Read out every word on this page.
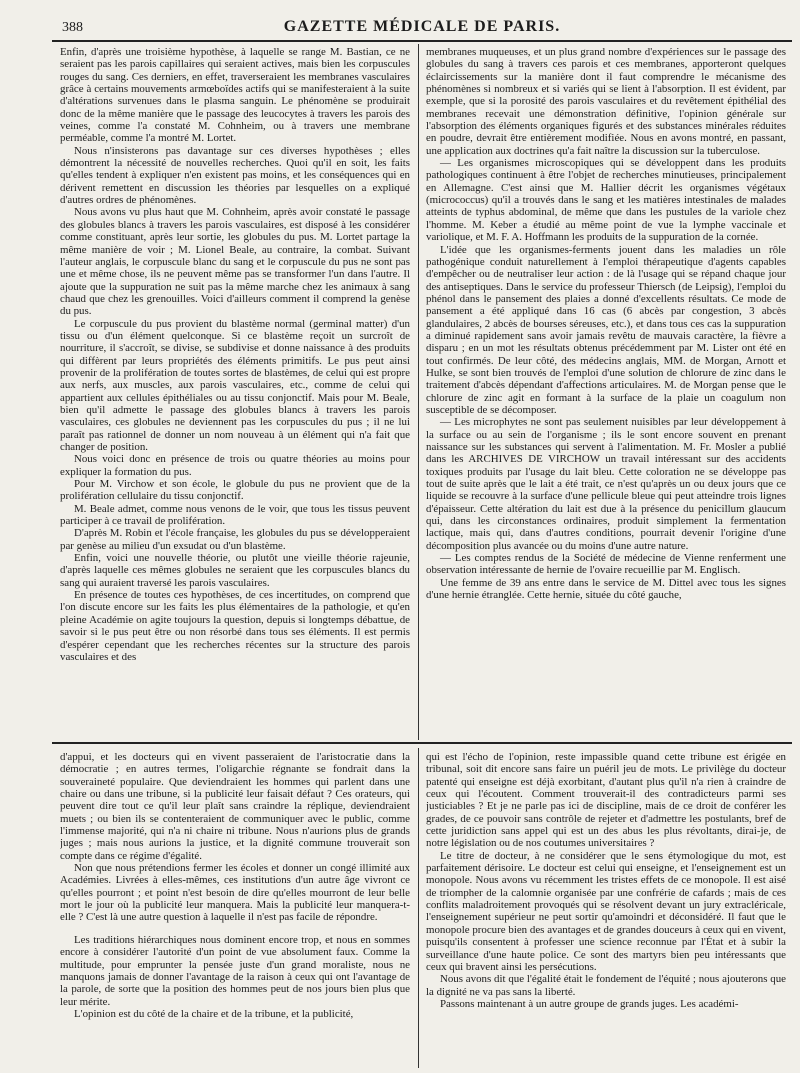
388	GAZETTE MÉDICALE DE PARIS.

Enfin, d'après une troisième hypothèse, à laquelle se range M. Bastian, ce ne seraient pas les parois capillaires qui seraient actives, mais bien les corpuscules rouges du sang. Ces derniers, en effet, traverseraient les membranes vasculaires grâce à certains mouvements armœboïdes actifs qui se manifesteraient à la suite d'altérations survenues dans le plasma sanguin. Le phénomène se produirait donc de la même manière que le passage des leucocytes à travers les parois des veines, comme l'a constaté M. Cohnheim, ou à travers une membrane perméable, comme l'a montré M. Lortet.

Nous n'insisterons pas davantage sur ces diverses hypothèses ; elles démontrent la nécessité de nouvelles recherches. Quoi qu'il en soit, les faits qu'elles tendent à expliquer n'en existent pas moins, et les conséquences qui en dérivent remettent en discussion les théories par lesquelles on a expliqué d'autres ordres de phénomènes.

Nous avons vu plus haut que M. Cohnheim, après avoir constaté le passage des globules blancs à travers les parois vasculaires, est disposé à les considérer comme constituant, après leur sortie, les globules du pus. M. Lortet partage la même manière de voir ; M. Lionel Beale, au contraire, la combat. Suivant l'auteur anglais, le corpuscule blanc du sang et le corpuscule du pus ne sont pas une et même chose, ils ne peuvent même pas se transformer l'un dans l'autre. Il ajoute que la suppuration ne suit pas la même marche chez les animaux à sang chaud que chez les grenouilles. Voici d'ailleurs comment il comprend la genèse du pus.

Le corpuscule du pus provient du blastème normal (germinal matter) d'un tissu ou d'un élément quelconque. Si ce blastème reçoit un surcroît de nourriture, il s'accroît, se divise, se subdivise et donne naissance à des produits qui diffèrent par leurs propriétés des éléments primitifs. Le pus peut ainsi provenir de la prolifération de toutes sortes de blastèmes, de celui qui est propre aux nerfs, aux muscles, aux parois vasculaires, etc., comme de celui qui appartient aux cellules épithéliales ou au tissu conjonctif. Mais pour M. Beale, bien qu'il admette le passage des globules blancs à travers les parois vasculaires, ces globules ne deviennent pas les corpuscules du pus ; il ne lui paraît pas rationnel de donner un nom nouveau à un élément qui n'a fait que changer de position.

Nous voici donc en présence de trois ou quatre théories au moins pour expliquer la formation du pus.

Pour M. Virchow et son école, le globule du pus ne provient que de la prolifération cellulaire du tissu conjonctif.

M. Beale admet, comme nous venons de le voir, que tous les tissus peuvent participer à ce travail de prolifération.

D'après M. Robin et l'école française, les globules du pus se développeraient par genèse au milieu d'un exsudat ou d'un blastème.

Enfin, voici une nouvelle théorie, ou plutôt une vieille théorie rajeunie, d'après laquelle ces mêmes globules ne seraient que les corpuscules blancs du sang qui auraient traversé les parois vasculaires.

En présence de toutes ces hypothèses, de ces incertitudes, on comprend que l'on discute encore sur les faits les plus élémentaires de la pathologie, et qu'en pleine Académie on agite toujours la question, depuis si longtemps débattue, de savoir si le pus peut être ou non résorbé dans tous ses éléments. Il est permis d'espérer cependant que les recherches récentes sur la structure des parois vasculaires et des

membranes muqueuses, et un plus grand nombre d'expériences sur le passage des globules du sang à travers ces parois et ces membranes, apporteront quelques éclaircissements sur la manière dont il faut comprendre le mécanisme des phénomènes si nombreux et si variés qui se lient à l'absorption. Il est évident, par exemple, que si la porosité des parois vasculaires et du revêtement épithélial des membranes recevait une démonstration définitive, l'opinion générale sur l'absorption des éléments organiques figurés et des substances minérales réduites en poudre, devrait être entièrement modifiée. Nous en avons montré, en passant, une application aux doctrines qu'a fait naître la discussion sur la tuberculose.

— Les organismes microscopiques qui se développent dans les produits pathologiques continuent à être l'objet de recherches minutieuses, principalement en Allemagne. C'est ainsi que M. Hallier décrit les organismes végétaux (micrococcus) qu'il a trouvés dans le sang et les matières intestinales de malades atteints de typhus abdominal, de même que dans les pustules de la variole chez l'homme. M. Keber a étudié au même point de vue la lymphe vaccinale et variolique, et M. F. A. Hoffmann les produits de la suppuration de la cornée.

L'idée que les organismes-ferments jouent dans les maladies un rôle pathogénique conduit naturellement à l'emploi thérapeutique d'agents capables d'empêcher ou de neutraliser leur action : de là l'usage qui se répand chaque jour des antiseptiques. Dans le service du professeur Thiersch (de Leipsig), l'emploi du phénol dans le pansement des plaies a donné d'excellents résultats. Ce mode de pansement a été appliqué dans 16 cas (6 abcès par congestion, 3 abcès glandulaires, 2 abcès de bourses séreuses, etc.), et dans tous ces cas la suppuration a diminué rapidement sans avoir jamais revêtu de mauvais caractère, la fièvre a disparu ; en un mot les résultats obtenus précédemment par M. Lister ont été en tout confirmés. De leur côté, des médecins anglais, MM. de Morgan, Arnott et Hulke, se sont bien trouvés de l'emploi d'une solution de chlorure de zinc dans le traitement d'abcès dépendant d'affections articulaires. M. de Morgan pense que le chlorure de zinc agit en formant à la surface de la plaie un coagulum non susceptible de se décomposer.

— Les microphytes ne sont pas seulement nuisibles par leur développement à la surface ou au sein de l'organisme ; ils le sont encore souvent en prenant naissance sur les substances qui servent à l'alimentation. M. Fr. Mosler a publié dans les ARCHIVES DE VIRCHOW un travail intéressant sur des accidents toxiques produits par l'usage du lait bleu. Cette coloration ne se développe pas tout de suite après que le lait a été trait, ce n'est qu'après un ou deux jours que ce liquide se recouvre à la surface d'une pellicule bleue qui peut atteindre trois lignes d'épaisseur. Cette altération du lait est due à la présence du penicillum glaucum qui, dans les circonstances ordinaires, produit simplement la fermentation lactique, mais qui, dans d'autres conditions, pourrait devenir l'origine d'une décomposition plus avancée ou du moins d'une autre nature.

— Les comptes rendus de la Société de médecine de Vienne renferment une observation intéressante de hernie de l'ovaire recueillie par M. Englisch.

Une femme de 39 ans entre dans le service de M. Dittel avec tous les signes d'une hernie étranglée. Cette hernie, située du côté gauche,

d'appui, et les docteurs qui en vivent passeraient de l'aristocratie dans la démocratie ; en autres termes, l'oligarchie régnante se fondrait dans la souveraineté populaire. Que deviendraient les hommes qui parlent dans une chaire ou dans une tribune, si la publicité leur faisait défaut ? Ces orateurs, qui peuvent dire tout ce qu'il leur plaît sans craindre la réplique, deviendraient muets ; ou bien ils se contenteraient de communiquer avec le public, comme l'immense majorité, qui n'a ni chaire ni tribune. Nous n'aurions plus de grands juges ; mais nous aurions la justice, et la dignité commune trouverait son compte dans ce régime d'égalité.

Non que nous prétendions fermer les écoles et donner un congé illimité aux Académies. Livrées à elles-mêmes, ces institutions d'un autre âge vivront ce qu'elles pourront ; et point n'est besoin de dire qu'elles mourront de leur belle mort le jour où la publicité leur manquera. Mais la publicité leur manquera-t-elle ? C'est là une autre question à laquelle il n'est pas facile de répondre.

Les traditions hiérarchiques nous dominent encore trop, et nous en sommes encore à considérer l'autorité d'un point de vue absolument faux. Comme la multitude, pour emprunter la pensée juste d'un grand moraliste, nous ne manquons jamais de donner l'avantage de la raison à ceux qui ont l'avantage de la parole, de sorte que la position des hommes peut de nos jours bien plus que leur mérite.

L'opinion est du côté de la chaire et de la tribune, et la publicité,

qui est l'écho de l'opinion, reste impassible quand cette tribune est érigée en tribunal, soit dit encore sans faire un puéril jeu de mots. Le privilège du docteur patenté qui enseigne est déjà exorbitant, d'autant plus qu'il n'a rien à craindre de ceux qui l'écoutent. Comment trouverait-il des contradicteurs parmi ses justiciables ? Et je ne parle pas ici de discipline, mais de ce droit de conférer les grades, de ce pouvoir sans contrôle de rejeter et d'admettre les postulants, bref de cette juridiction sans appel qui est un des abus les plus révoltants, dirai-je, de notre législation ou de nos coutumes universitaires ?

Le titre de docteur, à ne considérer que le sens étymologique du mot, est parfaitement dérisoire. Le docteur est celui qui enseigne, et l'enseignement est un monopole. Nous avons vu récemment les tristes effets de ce monopole. Il est aisé de triompher de la calomnie organisée par une confrérie de cafards ; mais de ces conflits maladroitement provoqués qui se résolvent devant un jury extracléricale, l'enseignement supérieur ne peut sortir qu'amoindri et déconsidéré. Il faut que le monopole procure bien des avantages et de grandes douceurs à ceux qui en vivent, puisqu'ils consentent à professer une science reconnue par l'État et à subir la surveillance d'une haute police. Ce sont des martyrs bien peu intéressants que ceux qui bravent ainsi les persécutions.

Nous avons dit que l'égalité était le fondement de l'équité ; nous ajouterons que la dignité ne va pas sans la liberté.

Passons maintenant à un autre groupe de grands juges. Les académi-
